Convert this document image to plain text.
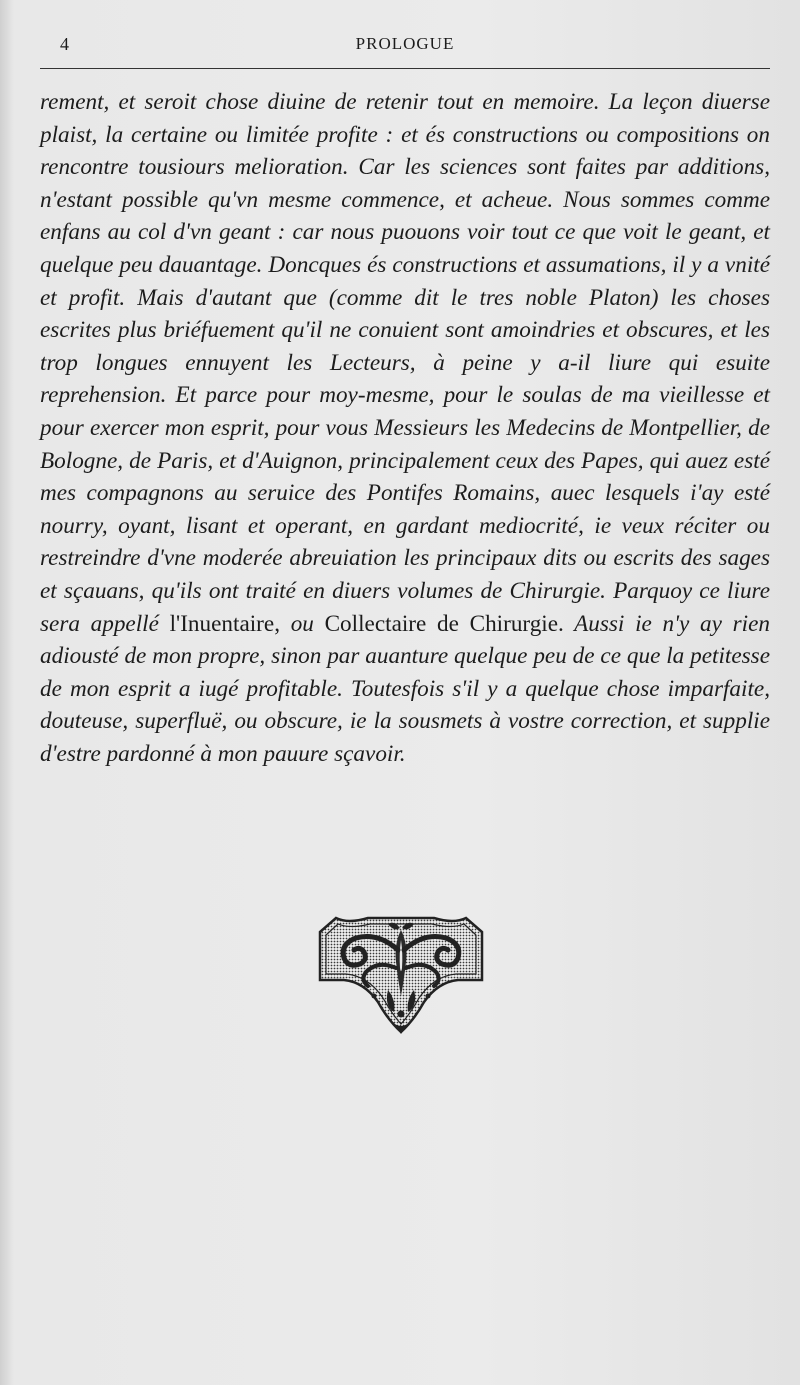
4	PROLOGUE
rement, et seroit chose diuine de retenir tout en memoire. La leçon diuerse plaist, la certaine ou limitée profite : et és constructions ou compositions on rencontre tousiours melioration. Car les sciences sont faites par additions, n'estant possible qu'vn mesme commence, et acheue. Nous sommes comme enfans au col d'vn geant : car nous puouons voir tout ce que voit le geant, et quelque peu dauantage. Doncques és constructions et assumations, il y a vnité et profit. Mais d'autant que (comme dit le tres noble Platon) les choses escrites plus briéfuement qu'il ne conuient sont amoindries et obscures, et les trop longues ennuyent les Lecteurs, à peine y a-il liure qui esuite reprehension. Et parce pour moy-mesme, pour le soulas de ma vieillesse et pour exercer mon esprit, pour vous Messieurs les Medecins de Montpellier, de Bologne, de Paris, et d'Auignon, principalement ceux des Papes, qui auez esté mes compagnons au seruice des Pontifes Romains, auec lesquels i'ay esté nourry, oyant, lisant et operant, en gardant mediocrité, ie veux réciter ou restreindre d'vne moderée abreuiation les principaux dits ou escrits des sages et sçauans, qu'ils ont traité en diuers volumes de Chirurgie. Parquoy ce liure sera appellé l'Inuentaire, ou Collectaire de Chirurgie. Aussi ie n'y ay rien adiousté de mon propre, sinon par auanture quelque peu de ce que la petitesse de mon esprit a iugé profitable. Toutesfois s'il y a quelque chose imparfaite, douteuse, superfluë, ou obscure, ie la sousmets à vostre correction, et supplie d'estre pardonné à mon pauure sçavoir.
